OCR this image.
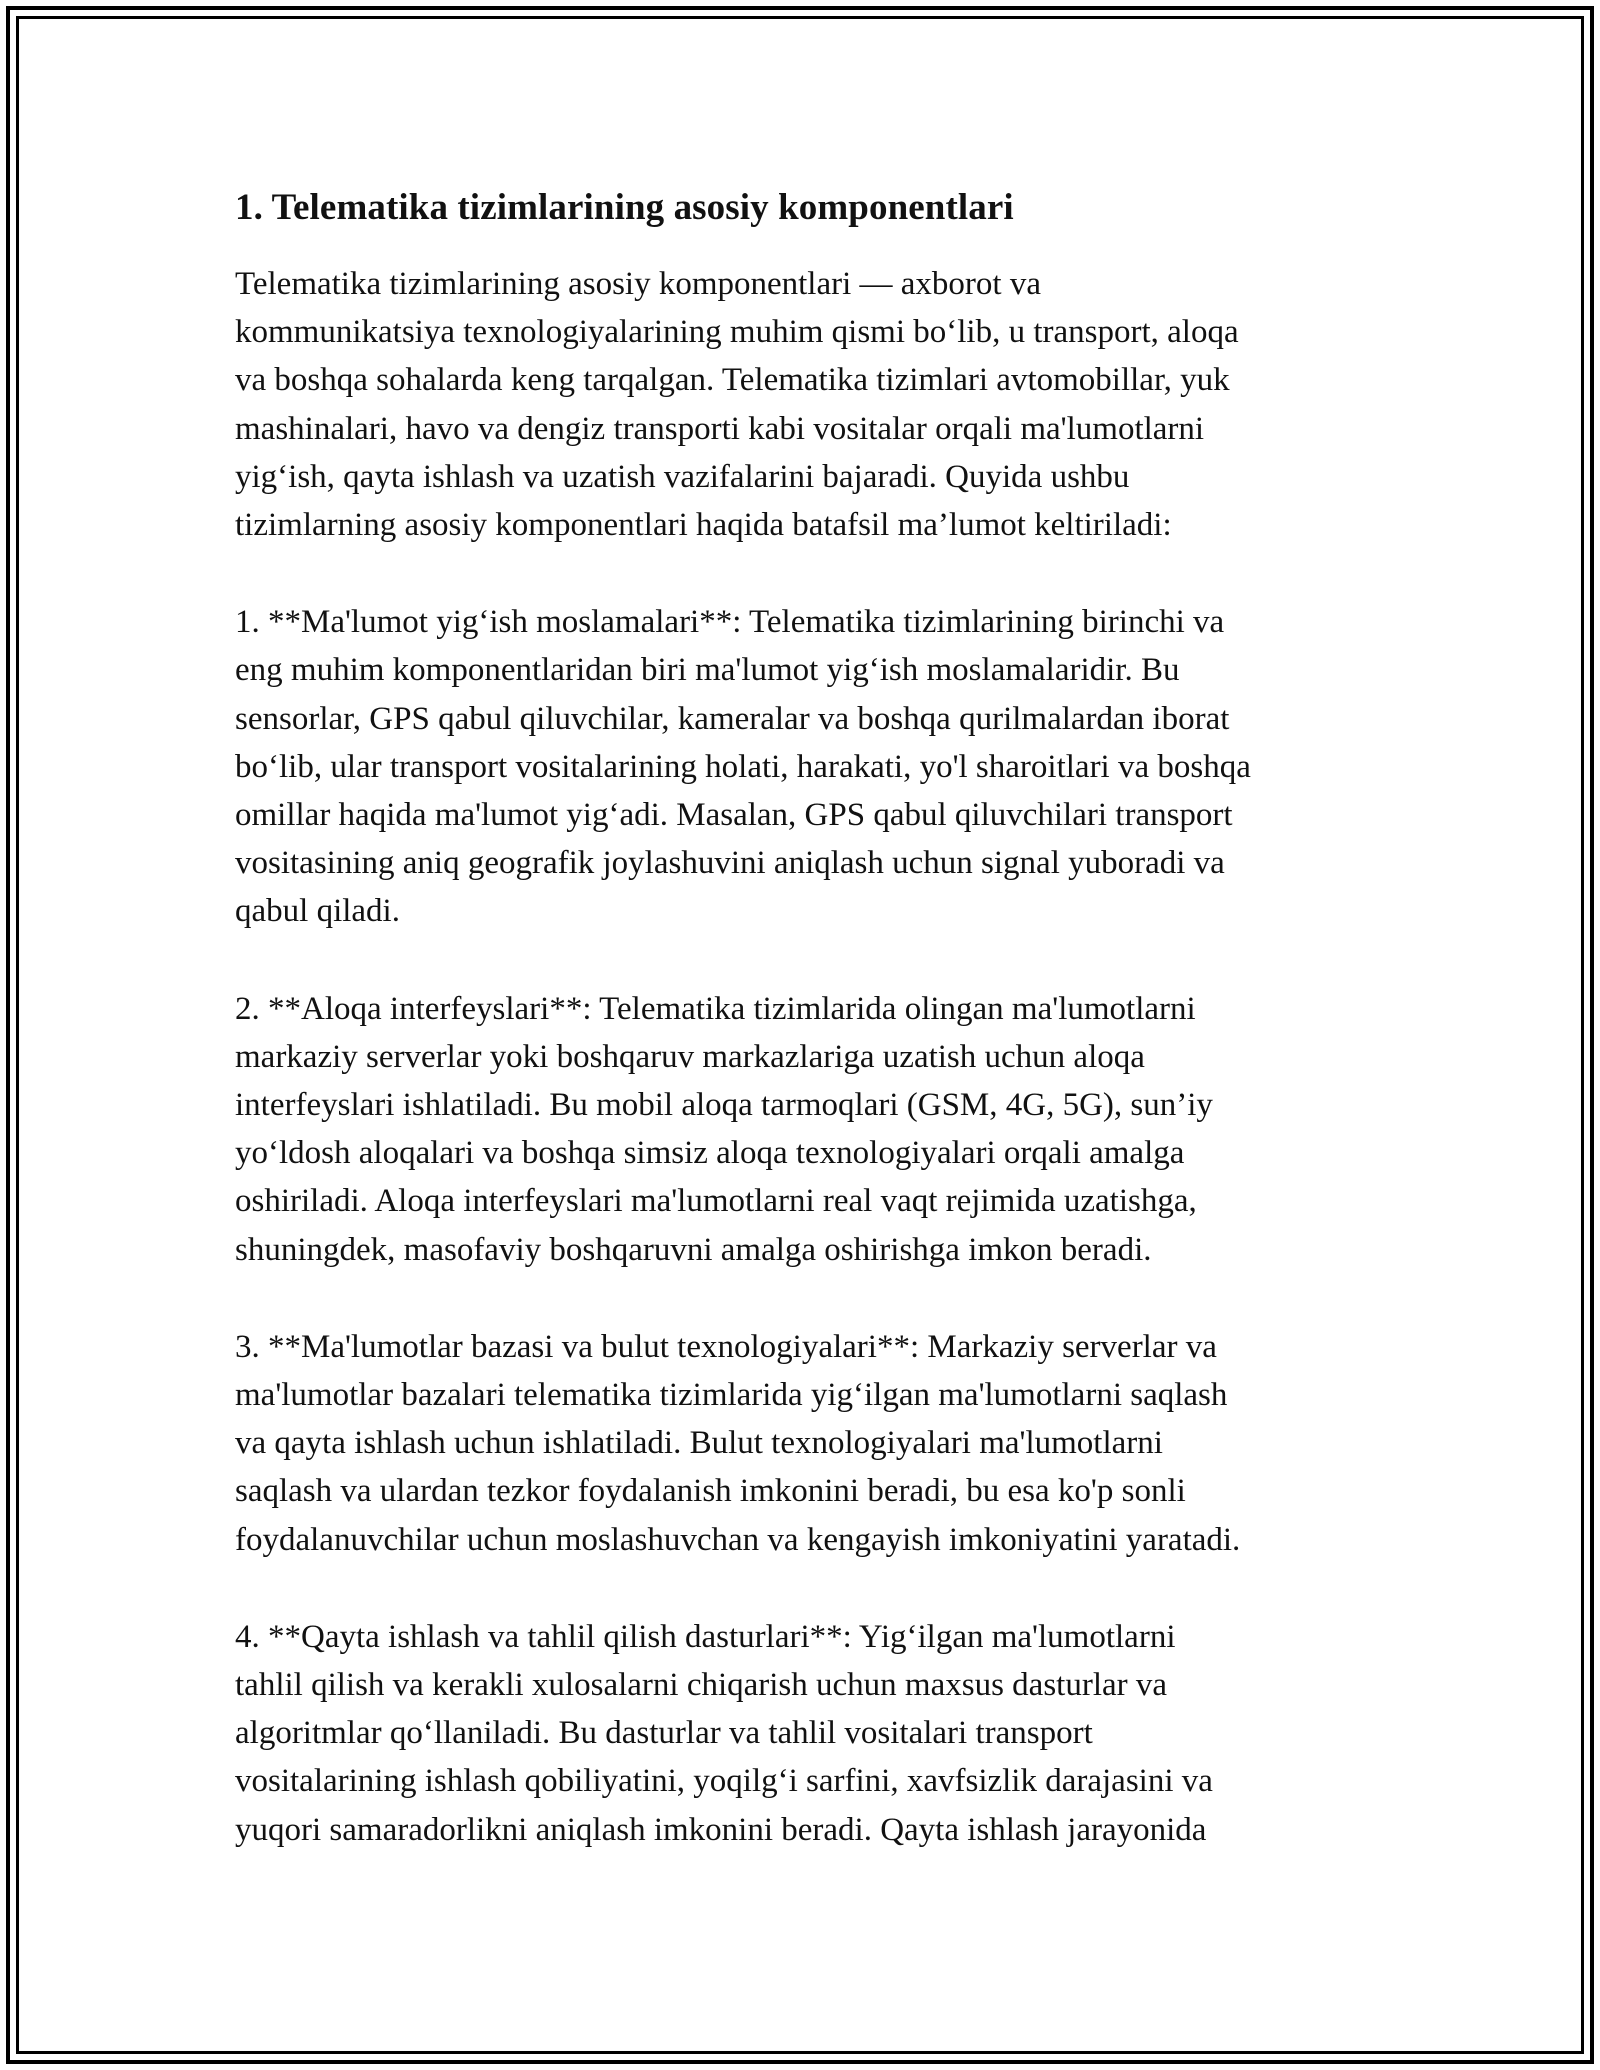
1. Telematika tizimlarining asosiy komponentlari

Telematika tizimlarining asosiy komponentlari — axborot va
kommunikatsiya texnologiyalarining muhim qismi bo‘lib, u transport, aloqa
va boshqa sohalarda keng tarqalgan. Telematika tizimlari avtomobillar, yuk
mashinalari, havo va dengiz transporti kabi vositalar orqali ma'lumotlarni
yig‘ish, qayta ishlash va uzatish vazifalarini bajaradi. Quyida ushbu
tizimlarning asosiy komponentlari haqida batafsil ma’lumot keltiriladi:

1. **Ma'lumot yig‘ish moslamalari**: Telematika tizimlarining birinchi va
eng muhim komponentlaridan biri ma'lumot yig‘ish moslamalaridir. Bu
sensorlar, GPS qabul qiluvchilar, kameralar va boshqa qurilmalardan iborat
bo‘lib, ular transport vositalarining holati, harakati, yo'l sharoitlari va boshqa
omillar haqida ma'lumot yig‘adi. Masalan, GPS qabul qiluvchilari transport
vositasining aniq geografik joylashuvini aniqlash uchun signal yuboradi va
qabul qiladi.

2. **Aloqa interfeyslari**: Telematika tizimlarida olingan ma'lumotlarni
markaziy serverlar yoki boshqaruv markazlariga uzatish uchun aloqa
interfeyslari ishlatiladi. Bu mobil aloqa tarmoqlari (GSM, 4G, 5G), sun’iy
yo‘ldosh aloqalari va boshqa simsiz aloqa texnologiyalari orqali amalga
oshiriladi. Aloqa interfeyslari ma'lumotlarni real vaqt rejimida uzatishga,
shuningdek, masofaviy boshqaruvni amalga oshirishga imkon beradi.

3. **Ma'lumotlar bazasi va bulut texnologiyalari**: Markaziy serverlar va
ma'lumotlar bazalari telematika tizimlarida yig‘ilgan ma'lumotlarni saqlash
va qayta ishlash uchun ishlatiladi. Bulut texnologiyalari ma'lumotlarni
saqlash va ulardan tezkor foydalanish imkonini beradi, bu esa ko'p sonli
foydalanuvchilar uchun moslashuvchan va kengayish imkoniyatini yaratadi.

4. **Qayta ishlash va tahlil qilish dasturlari**: Yig‘ilgan ma'lumotlarni
tahlil qilish va kerakli xulosalarni chiqarish uchun maxsus dasturlar va
algoritmlar qo‘llaniladi. Bu dasturlar va tahlil vositalari transport
vositalarining ishlash qobiliyatini, yoqilg‘i sarfini, xavfsizlik darajasini va
yuqori samaradorlikni aniqlash imkonini beradi. Qayta ishlash jarayonida
